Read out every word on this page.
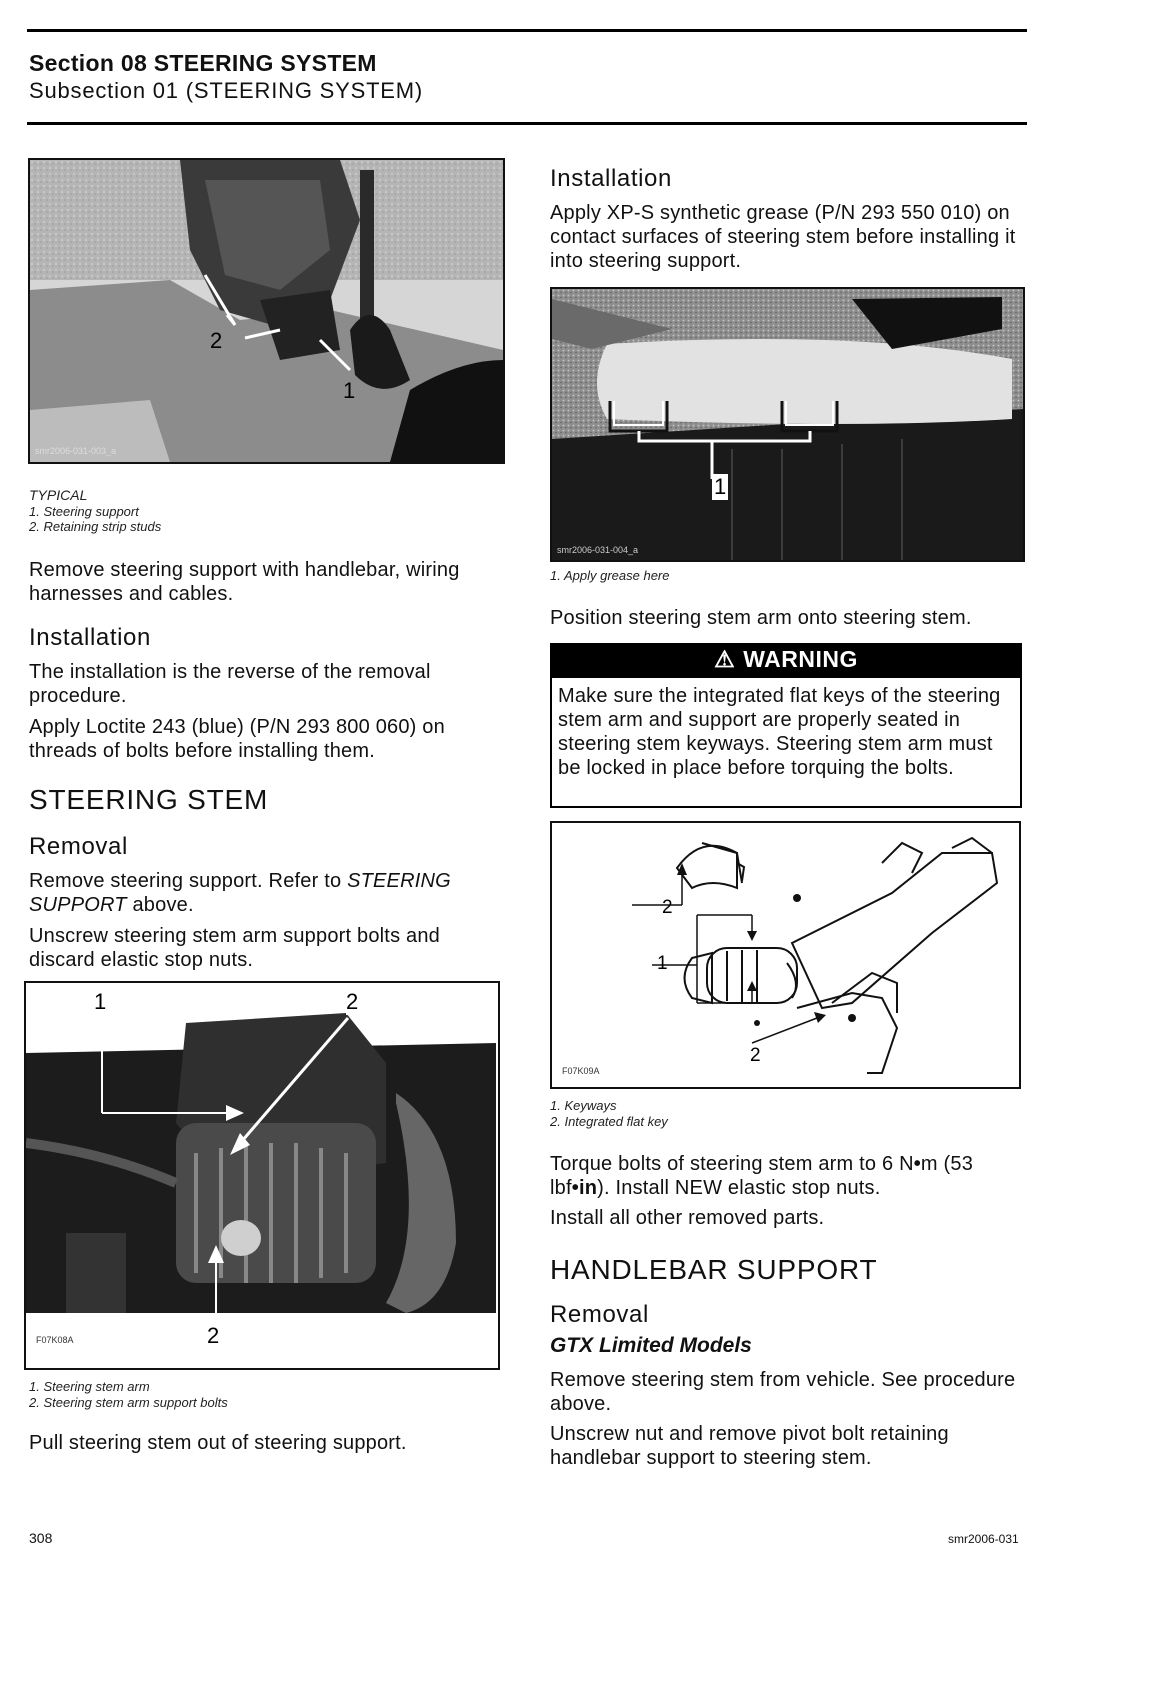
Section 08 STEERING SYSTEM
Subsection 01 (STEERING SYSTEM)
2
1
smr2006-031-003_a
TYPICAL
1. Steering support
2. Retaining strip studs
Remove steering support with handlebar, wiring harnesses and cables.
Installation
The installation is the reverse of the removal procedure.
Apply Loctite 243 (blue) (P/N 293 800 060) on threads of bolts before installing them.
STEERING STEM
Removal
Remove steering support. Refer to STEERING SUPPORT above.
Unscrew steering stem arm support bolts and discard elastic stop nuts.
1	2
2
F07K08A
1. Steering stem arm
2. Steering stem arm support bolts
Pull steering stem out of steering support.
Installation
Apply XP-S synthetic grease (P/N 293 550 010) on contact surfaces of steering stem before installing it into steering support.
1
smr2006-031-004_a
1. Apply grease here
Position steering stem arm onto steering stem.
⚠ WARNING
Make sure the integrated flat keys of the steering stem arm and support are properly seated in steering stem keyways. Steering stem arm must be locked in place before torquing the bolts.
2
1
2
F07K09A
1. Keyways
2. Integrated flat key
Torque bolts of steering stem arm to 6 N•m (53 lbf•in). Install NEW elastic stop nuts.
Install all other removed parts.
HANDLEBAR SUPPORT
Removal
GTX Limited Models
Remove steering stem from vehicle. See procedure above.
Unscrew nut and remove pivot bolt retaining handlebar support to steering stem.
308	smr2006-031
